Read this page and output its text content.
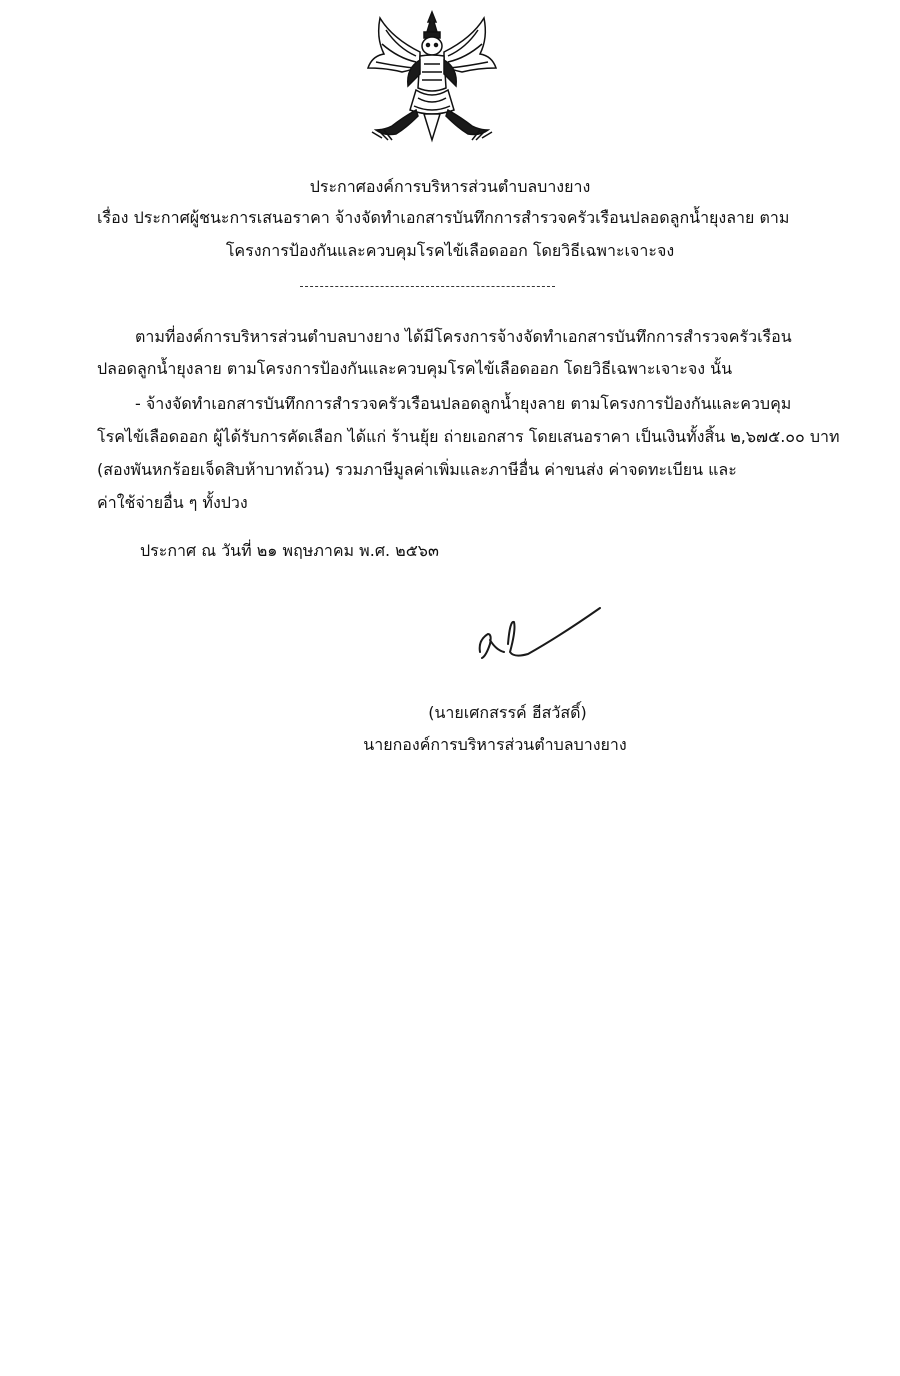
ประกาศองค์การบริหารส่วนตำบลบางยาง
เรื่อง ประกาศผู้ชนะการเสนอราคา จ้างจัดทำเอกสารบันทึกการสำรวจครัวเรือนปลอดลูกน้ำยุงลาย ตาม
โครงการป้องกันและควบคุมโรคไข้เลือดออก โดยวิธีเฉพาะเจาะจง
ตามที่องค์การบริหารส่วนตำบลบางยาง ได้มีโครงการจ้างจัดทำเอกสารบันทึกการสำรวจครัวเรือน
ปลอดลูกน้ำยุงลาย ตามโครงการป้องกันและควบคุมโรคไข้เลือดออก โดยวิธีเฉพาะเจาะจง นั้น
- จ้างจัดทำเอกสารบันทึกการสำรวจครัวเรือนปลอดลูกน้ำยุงลาย ตามโครงการป้องกันและควบคุม
โรคไข้เลือดออก ผู้ได้รับการคัดเลือก ได้แก่ ร้านยุ้ย ถ่ายเอกสาร โดยเสนอราคา เป็นเงินทั้งสิ้น ๒,๖๗๕.๐๐ บาท
(สองพันหกร้อยเจ็ดสิบห้าบาทถ้วน) รวมภาษีมูลค่าเพิ่มและภาษีอื่น ค่าขนส่ง ค่าจดทะเบียน และ
ค่าใช้จ่ายอื่น ๆ ทั้งปวง
ประกาศ ณ วันที่ ๒๑ พฤษภาคม พ.ศ. ๒๕๖๓
(นายเศกสรรค์ ฮีสวัสดิ์)
นายกองค์การบริหารส่วนตำบลบางยาง
